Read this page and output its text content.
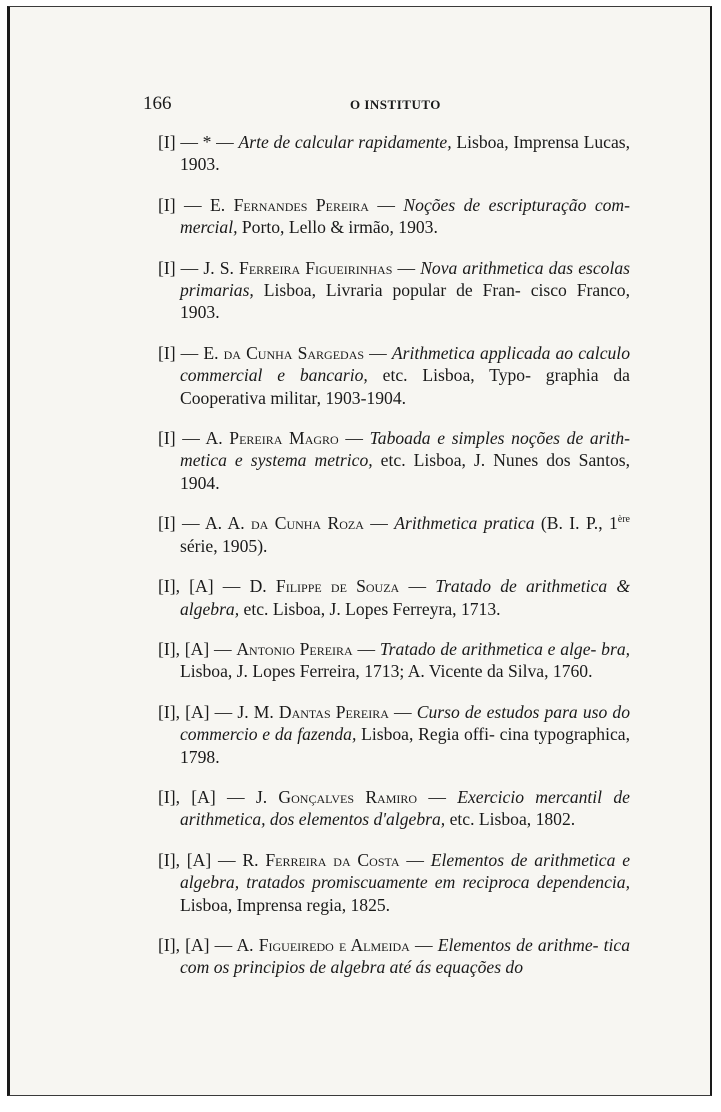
166	O INSTITUTO

[I] — * — Arte de calcular rapidamente, Lisboa, Imprensa Lucas, 1903.

[I] — E. Fernandes Pereira — Noções de escripturação com- mercial, Porto, Lello & irmão, 1903.

[I] — J. S. Ferreira Figueirinhas — Nova arithmetica das escolas primarias, Lisboa, Livraria popular de Fran- cisco Franco, 1903.

[I] — E. da Cunha Sargedas — Arithmetica applicada ao calculo commercial e bancario, etc. Lisboa, Typo- graphia da Cooperativa militar, 1903-1904.

[I] — A. Pereira Magro — Taboada e simples noções de arith- metica e systema metrico, etc. Lisboa, J. Nunes dos Santos, 1904.

[I] — A. A. da Cunha Roza — Arithmetica pratica (B. I. P., 1ère série, 1905).

[I], [A] — D. Filippe de Souza — Tratado de arithmetica & algebra, etc. Lisboa, J. Lopes Ferreyra, 1713.

[I], [A] — Antonio Pereira — Tratado de arithmetica e alge- bra, Lisboa, J. Lopes Ferreira, 1713; A. Vicente da Silva, 1760.

[I], [A] — J. M. Dantas Pereira — Curso de estudos para uso do commercio e da fazenda, Lisboa, Regia offi- cina typographica, 1798.

[I], [A] — J. Gonçalves Ramiro — Exercicio mercantil de arithmetica, dos elementos d'algebra, etc. Lisboa, 1802.

[I], [A] — R. Ferreira da Costa — Elementos de arithmetica e algebra, tratados promiscuamente em reciproca dependencia, Lisboa, Imprensa regia, 1825.

[I], [A] — A. Figueiredo e Almeida — Elementos de arithme- tica com os principios de algebra até ás equações do
